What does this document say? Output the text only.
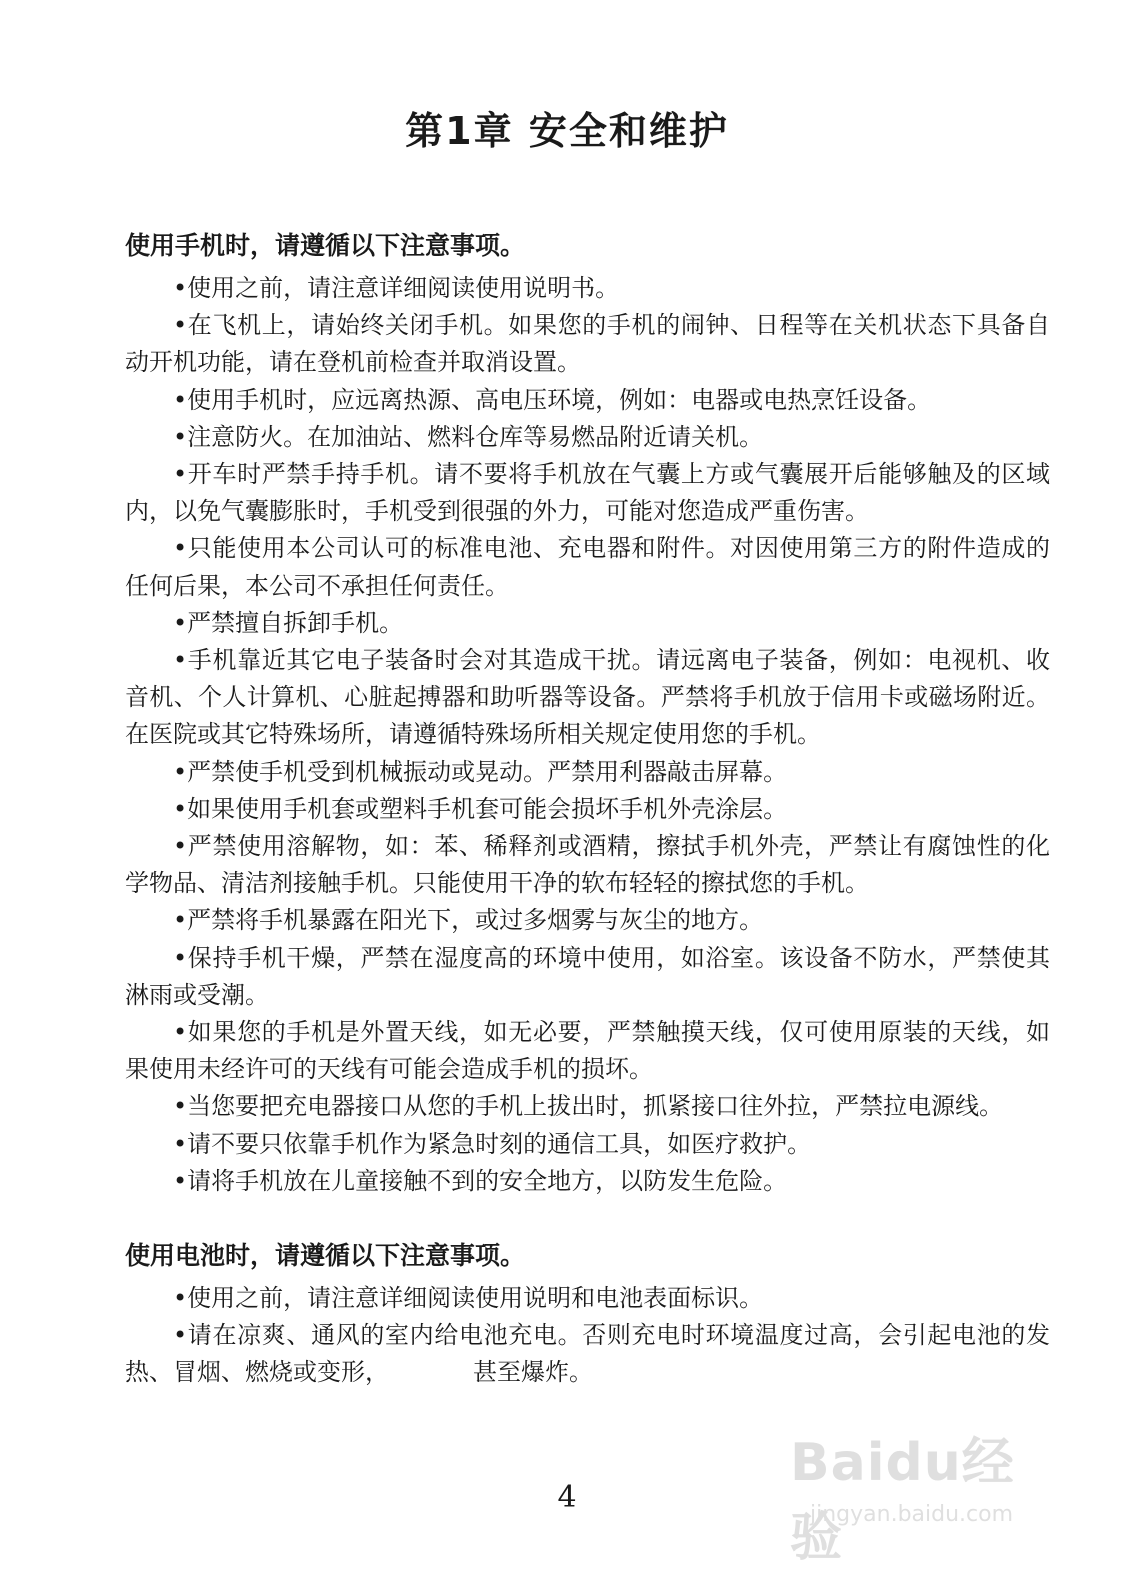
第1章 安全和维护
使用手机时，请遵循以下注意事项。

•使用之前，请注意详细阅读使用说明书。

•在飞机上，请始终关闭手机。如果您的手机的闹钟、日程等在关机状态下具备自动开机功能，请在登机前检查并取消设置。

•使用手机时，应远离热源、高电压环境，例如：电器或电热烹饪设备。

•注意防火。在加油站、燃料仓库等易燃品附近请关机。

•开车时严禁手持手机。请不要将手机放在气囊上方或气囊展开后能够触及的区域内，以免气囊膨胀时，手机受到很强的外力，可能对您造成严重伤害。

•只能使用本公司认可的标准电池、充电器和附件。对因使用第三方的附件造成的任何后果，本公司不承担任何责任。

•严禁擅自拆卸手机。

•手机靠近其它电子装备时会对其造成干扰。请远离电子装备，例如：电视机、收音机、个人计算机、心脏起搏器和助听器等设备。严禁将手机放于信用卡或磁场附近。在医院或其它特殊场所，请遵循特殊场所相关规定使用您的手机。

•严禁使手机受到机械振动或晃动。严禁用利器敲击屏幕。

•如果使用手机套或塑料手机套可能会损坏手机外壳涂层。

•严禁使用溶解物，如：苯、稀释剂或酒精，擦拭手机外壳，严禁让有腐蚀性的化学物品、清洁剂接触手机。只能使用干净的软布轻轻的擦拭您的手机。

•严禁将手机暴露在阳光下，或过多烟雾与灰尘的地方。

•保持手机干燥，严禁在湿度高的环境中使用，如浴室。该设备不防水，严禁使其淋雨或受潮。

•如果您的手机是外置天线，如无必要，严禁触摸天线，仅可使用原装的天线，如果使用未经许可的天线有可能会造成手机的损坏。

•当您要把充电器接口从您的手机上拔出时，抓紧接口往外拉，严禁拉电源线。

•请不要只依靠手机作为紧急时刻的通信工具，如医疗救护。

•请将手机放在儿童接触不到的安全地方，以防发生危险。

使用电池时，请遵循以下注意事项。

•使用之前，请注意详细阅读使用说明和电池表面标识。

•请在凉爽、通风的室内给电池充电。否则充电时环境温度过高，会引起电池的发热、冒烟、燃烧或变形，　　　　甚至爆炸。

4
Baidu经验
jingyan.baidu.com
